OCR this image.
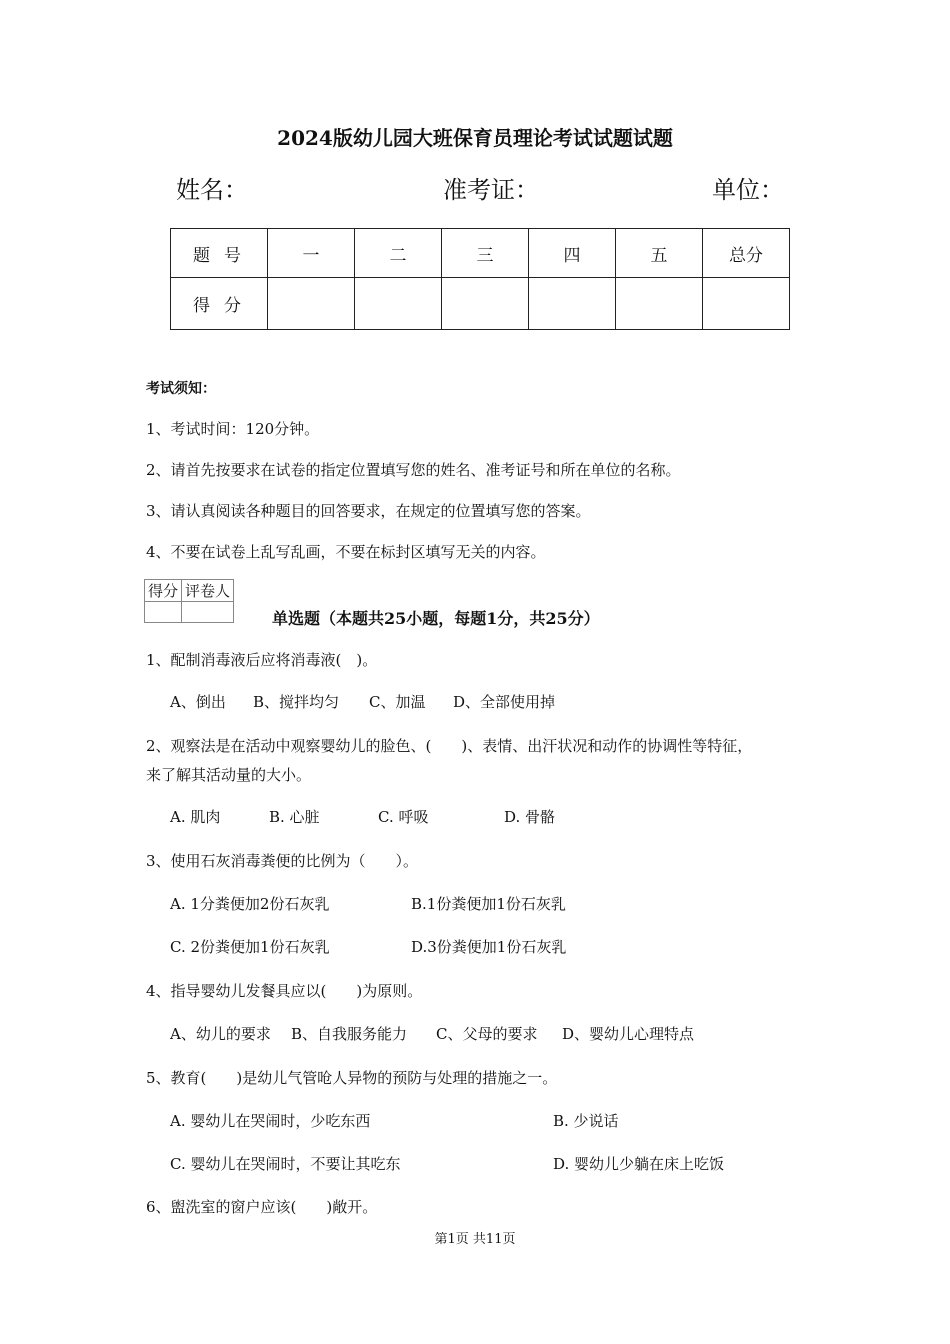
2024版幼儿园大班保育员理论考试试题试题
姓名：	准考证：	单位：
题号	一	二	三	四	五	总分
得分						
考试须知：
1、考试时间：120分钟。
2、请首先按要求在试卷的指定位置填写您的姓名、准考证号和所在单位的名称。
3、请认真阅读各种题目的回答要求，在规定的位置填写您的答案。
4、不要在试卷上乱写乱画，不要在标封区填写无关的内容。
得分	评卷人

单选题（本题共25小题，每题1分，共25分）
1、配制消毒液后应将消毒液(　)。
A、倒出 B、搅拌均匀 C、加温 D、全部使用掉
2、观察法是在活动中观察婴幼儿的脸色、(　　)、表情、出汗状况和动作的协调性等特征，
来了解其活动量的大小。
A. 肌肉	B. 心脏	C. 呼吸	D. 骨骼
3、使用石灰消毒粪便的比例为（　　）。
A. 1分粪便加2份石灰乳	B.1份粪便加1份石灰乳
C. 2份粪便加1份石灰乳	D.3份粪便加1份石灰乳
4、指导婴幼儿发餐具应以(　　)为原则。
A、幼儿的要求 B、自我服务能力 C、父母的要求 D、婴幼儿心理特点
5、教育(　　)是幼儿气管呛人异物的预防与处理的措施之一。
A. 婴幼儿在哭闹时，少吃东西	B. 少说话
C. 婴幼儿在哭闹时，不要让其吃东	D. 婴幼儿少躺在床上吃饭
6、盥洗室的窗户应该(　　)敞开。
第1页 共11页
